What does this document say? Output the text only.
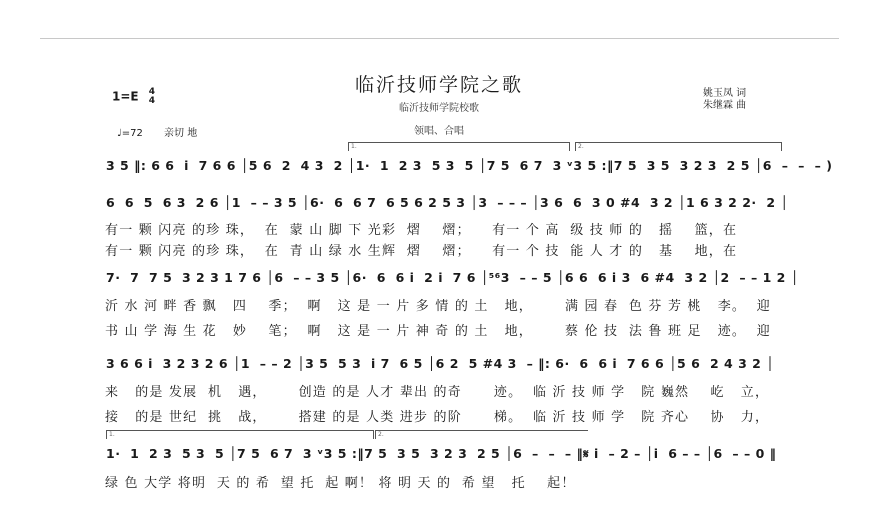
1=E 4
4
♩=72 亲切 地
临沂技师学院之歌
临沂技师学院校歌
领唱、合唱
姚玉凤 词
朱继霖 曲
1.	2.
3 5 ‖: 6 6  i  7 6 6 │5 6  2  4 3  2 │1·  1  2 3  5 3  5 │7 5  6 7  3 ᵛ3 5 :‖7 5  3 5  3 2 3  2 5 │6  –  –  – )
6  6  5  6 3  2 6 │1  – – 3 5 │6·  6  6 7  6 5 6 2 5 3 │3  – – – │3 6  6  3 0 #4  3 2 │1 6 3 2 2·  2 │
有一 颗 闪亮 的珍 珠，  在  蒙 山 脚 下 光彩  熠    熠；    有一 个 高  级 技 师 的   摇    篮，在
有一 颗 闪亮 的珍 珠，  在  青 山 绿 水 生辉  熠    熠；    有一 个 技  能 人 才 的   基    地，在
7·  7  7 5  3 2 3 1 7 6 │6  – – 3 5 │6·  6  6 i  2 i  7 6 │⁵⁶3  – – 5 │6 6  6 i 3  6 #4  3 2 │2  – – 1 2 │
沂 水 河 畔 香 飘   四    季；  啊   这 是 一 片 多 情 的 土   地，      满 园 春  色 芬 芳 桃   李。  迎
书 山 学 海 生 花   妙    笔；  啊   这 是 一 片 神 奇 的 土   地，      蔡 伦 技  法 鲁 班 足   迹。  迎
3 6 6 i  3 2 3 2 6 │1  – – 2 │3 5  5 3  i 7  6 5 │6 2  5 #4 3  – ‖: 6·  6  6 i  7 6 6 │5 6  2 4 3 2 │
来   的是 发展  机   遇，      创造 的是 人才 辈出 的奇      迹。  临 沂 技 师 学   院 巍然    屹   立，
接   的是 世纪  挑   战，      搭建 的是 人类 进步 的阶      梯。  临 沂 技 师 学   院 齐心    协   力，
1.	2.
1·  1  2 3  5 3  5 │7 5  6 7  3 ᵛ3 5 :‖7 5  3 5  3 2 3  2 5 │6  –  –  – ‖𝄋 i  – 2 – │i  6 – – │6  – – 0 ‖
绿 色 大学 将明  天 的 希  望 托  起 啊！ 将 明 天 的  希 望   托    起！
